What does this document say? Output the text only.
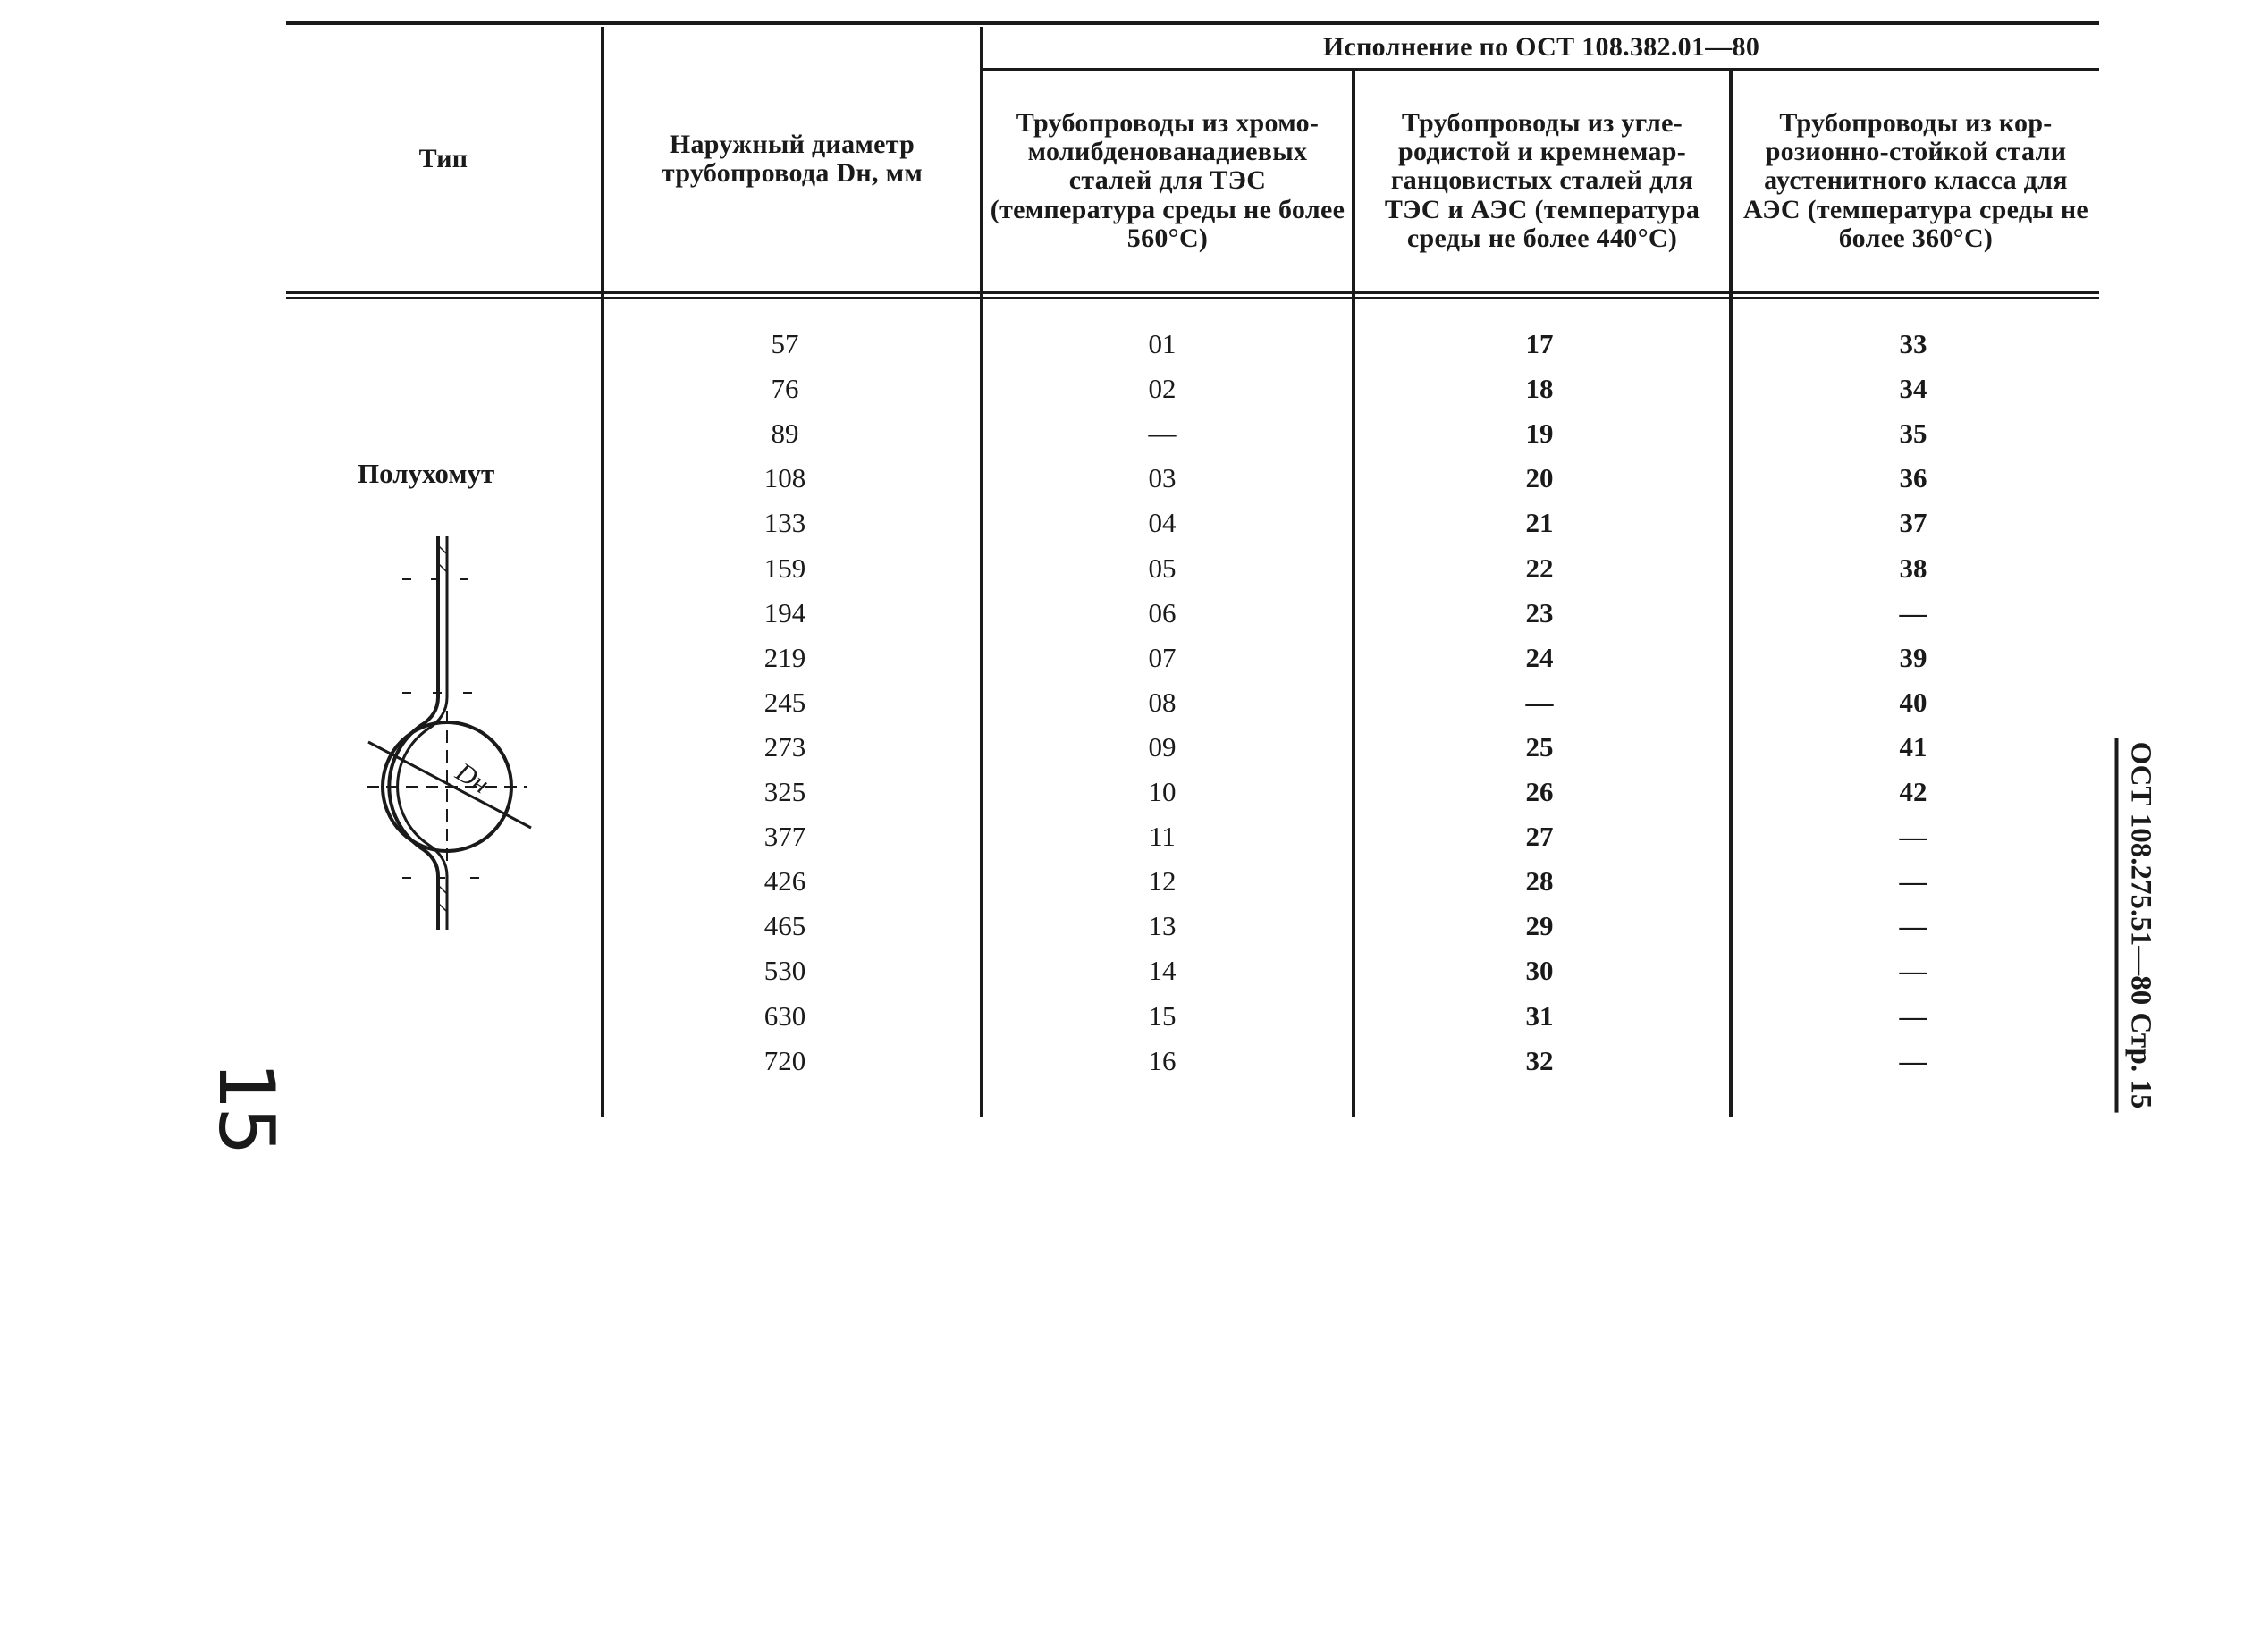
Тип	Наружный диаметр трубопровода Dн, мм
Исполнение по ОСТ 108.382.01—80
Трубопроводы из хромо-молибденованадиевых сталей для ТЭС (температура среды не более 560°С)
Трубопроводы из угле-родистой и кремнемар-ганцовистых сталей для ТЭС и АЭС (температура среды не более 440°С)
Трубопроводы из кор-розионно-стойкой стали аустенитного класса для АЭС (температура среды не более 360°С)
Полухомут
Dн
57	01	17	33
76	02	18	34
89	—	19	35
108	03	20	36
133	04	21	37
159	05	22	38
194	06	23	—
219	07	24	39
245	08	—	40
273	09	25	41
325	10	26	42
377	11	27	—
426	12	28	—
465	13	29	—
530	14	30	—
630	15	31	—
720	16	32	—	ОСТ 108.275.51—80 Стр. 15
15
